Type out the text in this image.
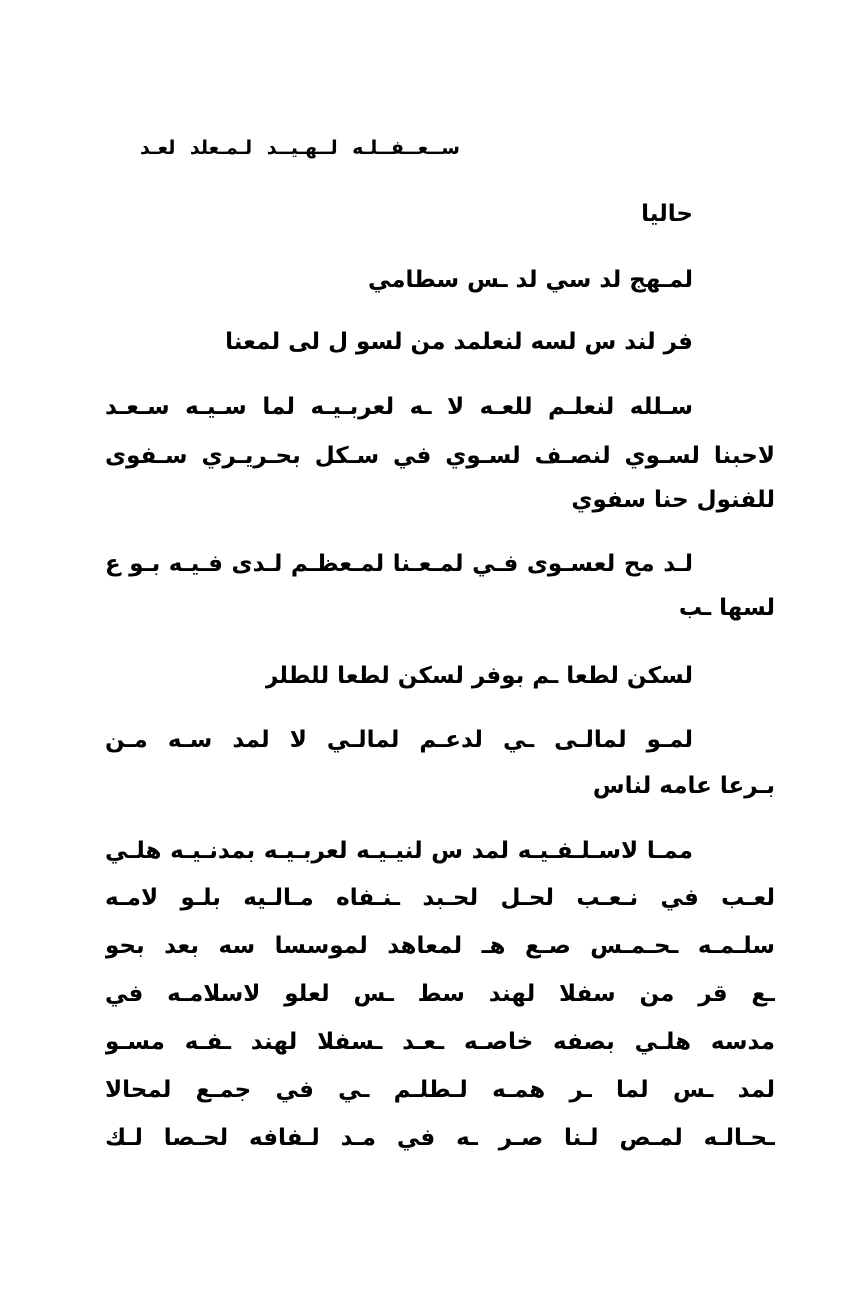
ســعــفــلـه لــهـيــد لـمـعلد لعـد
حاليا
لمـهج لد سي لد ـس سطامي
فر لند س لسه لنعلمد من لسو ل لى لمعنا
سـلله لنعلـم للعـه لا ـه لعربـيـه لما سـيـه سـعـد
لاحبنا لسـوي لنصـف لسـوي في سـكل بحـريـري سـفوى
للفنول حنا سفوي
لـد مح لعسـوى فـي لمـعـنا لمـعظـم لـدى فـيـه بـو ع
لسها ـب
لسكن لطعا ـم بوفر لسكن لطعا للطلر
لمـو لمالـى ـي لدعـم لمالـي لا لمد سـه مـن
بـرعا عامه لناس
ممـا لاسـلـفـيـه لمد س لنيـيـه لعربـيـه بمدنـيـه هلـي
لعـب في نـعـب لحـل لحـبد ـنـفاه مـالـيه بلـو لامـه
سلـمـه ـحـمـس صـع هـ لمعاهد لموسسا سه بعد بحو
ـع قر من سفلا لهند سط ـس لعلو لاسلامـه في
مدسه هلـي بصفه خاصـه ـعـد ـسفلا لهند ـفـه مسـو
لمد ـس لما ـر همـه لـطلـم ـي في جمـع لمحالا
ـحـالـه لمـص لـنا صـر ـه في مـد لـفافه لحـصا لـك
